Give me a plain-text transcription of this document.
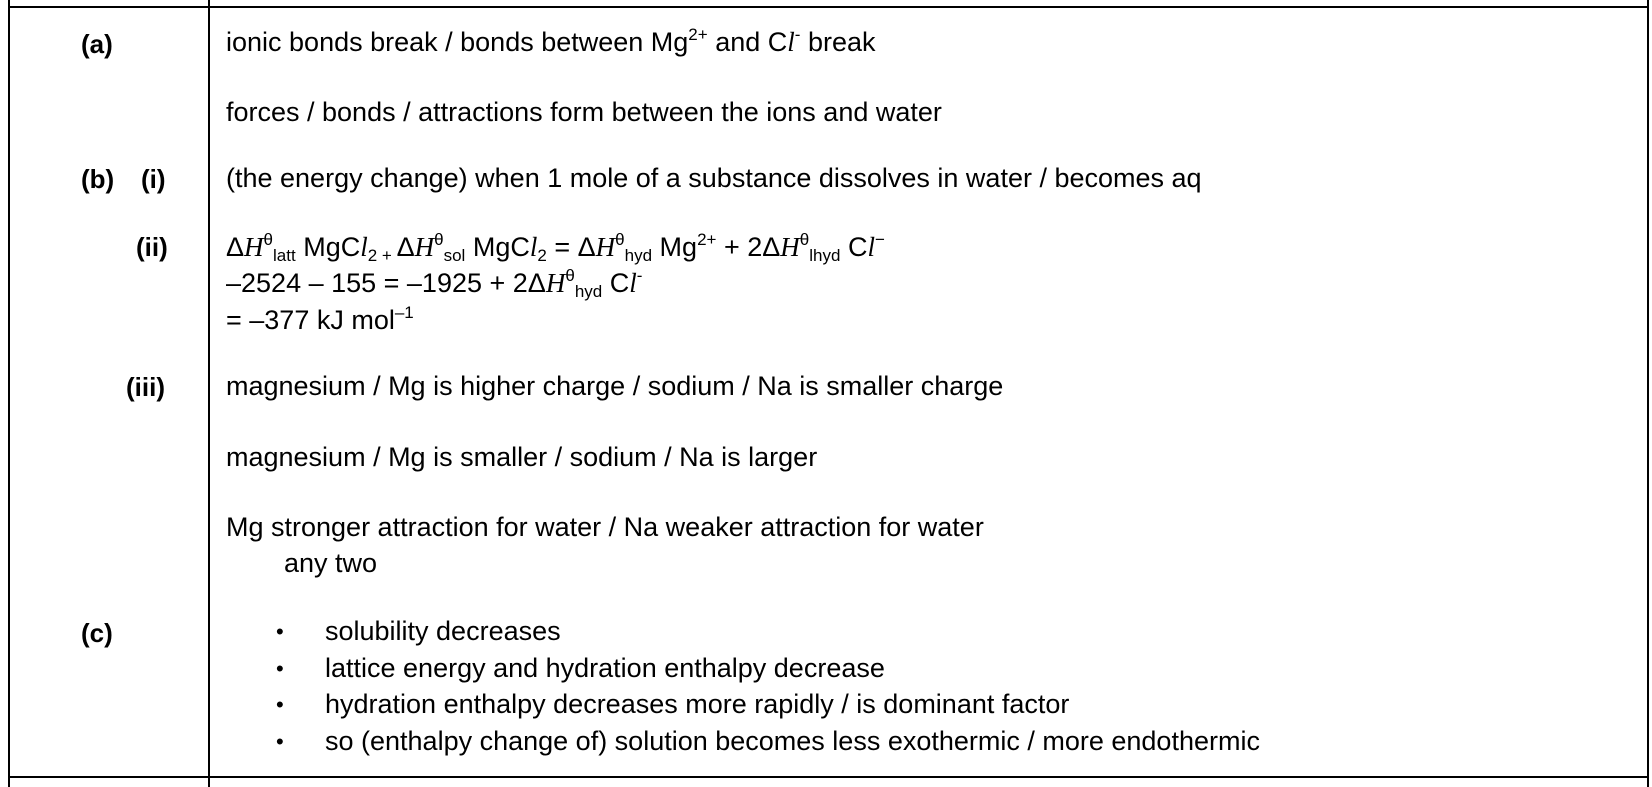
(a)
(b) (i)
(ii)
(iii)
(c)
ionic bonds break / bonds between $Mg^{2+}$ and Cl- break
forces / bonds / attractions form between the ions and water
(the energy change) when 1 mole of a substance dissolves in water / becomes aq
$\Delta H^\theta latt$ MgCl2 + $\Delta H^\theta sol$ MgCl2 = $\Delta H^\theta hyd$ $Mg^{2+}$ + $2\Delta H^\theta lhyd$ Cl−
$-2524 - 155 = -1925 + 2\Delta H^\theta hyd$ Cl-
= –377 kJ mol$^{-1}$
magnesium / Mg is higher charge / sodium / Na is smaller charge
magnesium / Mg is smaller / sodium / Na is larger
Mg stronger attraction for water / Na weaker attraction for water
any two
• solubility decreases
• lattice energy and hydration enthalpy decrease
• hydration enthalpy decreases more rapidly / is dominant factor
• so (enthalpy change of) solution becomes less exothermic / more endothermic
